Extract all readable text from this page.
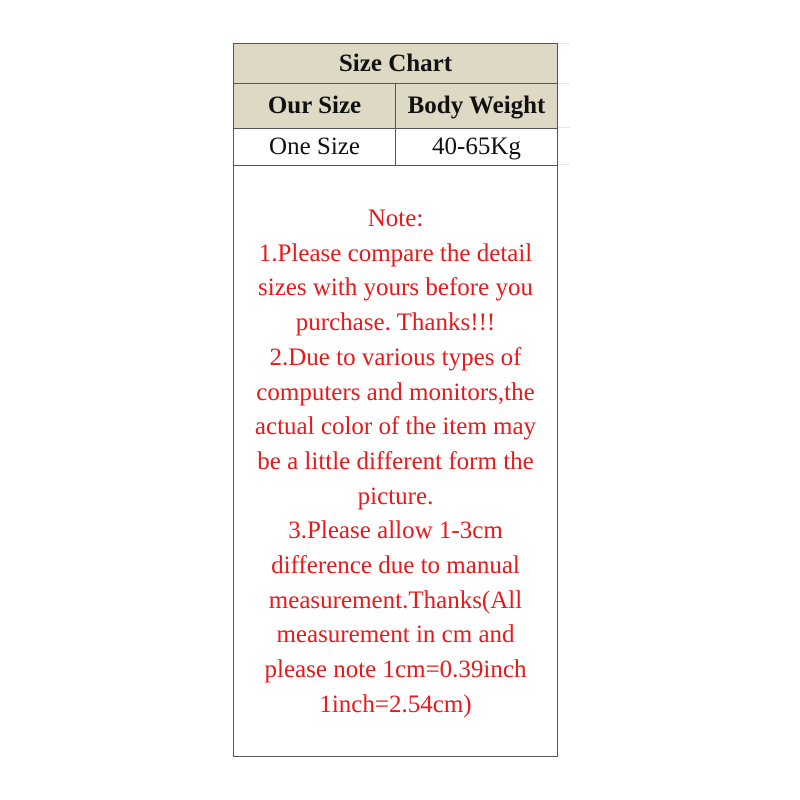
Size Chart	
Our Size	Body Weight
One Size	40-65Kg
Note:
1.Please compare the detail
sizes with yours before you
purchase. Thanks!!!
2.Due to various types of
computers and monitors,the
actual color of the item may
be a little different form the
picture.
3.Please allow 1-3cm
difference due to manual
measurement.Thanks(All
measurement in cm and
please note 1cm=0.39inch
1inch=2.54cm)
